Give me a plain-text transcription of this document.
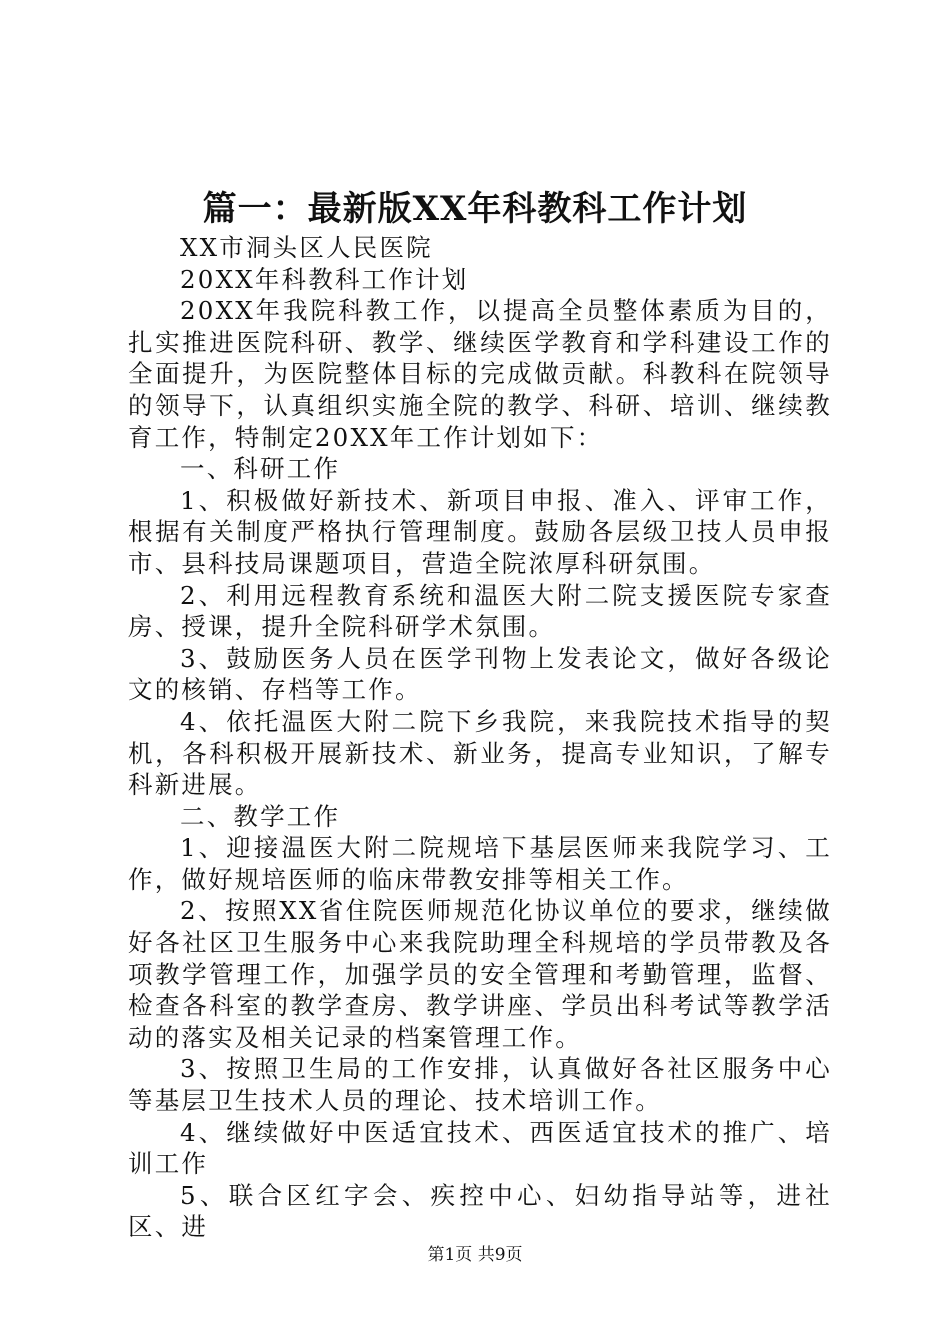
篇一：最新版XX年科教科工作计划

XX市洞头区人民医院

20XX年科教科工作计划

20XX年我院科教工作，以提高全员整体素质为目的，扎实推进医院科研、教学、继续医学教育和学科建设工作的全面提升，为医院整体目标的完成做贡献。科教科在院领导的领导下，认真组织实施全院的教学、科研、培训、继续教育工作，特制定20XX年工作计划如下：

一、科研工作

1、积极做好新技术、新项目申报、准入、评审工作，根据有关制度严格执行管理制度。鼓励各层级卫技人员申报市、县科技局课题项目，营造全院浓厚科研氛围。

2、利用远程教育系统和温医大附二院支援医院专家查房、授课，提升全院科研学术氛围。

3、鼓励医务人员在医学刊物上发表论文，做好各级论文的核销、存档等工作。

4、依托温医大附二院下乡我院，来我院技术指导的契机，各科积极开展新技术、新业务，提高专业知识，了解专科新进展。

二、教学工作

1、迎接温医大附二院规培下基层医师来我院学习、工作，做好规培医师的临床带教安排等相关工作。

2、按照XX省住院医师规范化协议单位的要求，继续做好各社区卫生服务中心来我院助理全科规培的学员带教及各项教学管理工作，加强学员的安全管理和考勤管理，监督、检查各科室的教学查房、教学讲座、学员出科考试等教学活动的落实及相关记录的档案管理工作。

3、按照卫生局的工作安排，认真做好各社区服务中心等基层卫生技术人员的理论、技术培训工作。

4、继续做好中医适宜技术、西医适宜技术的推广、培训工作

5、联合区红字会、疾控中心、妇幼指导站等，进社区、进

第1页 共9页
